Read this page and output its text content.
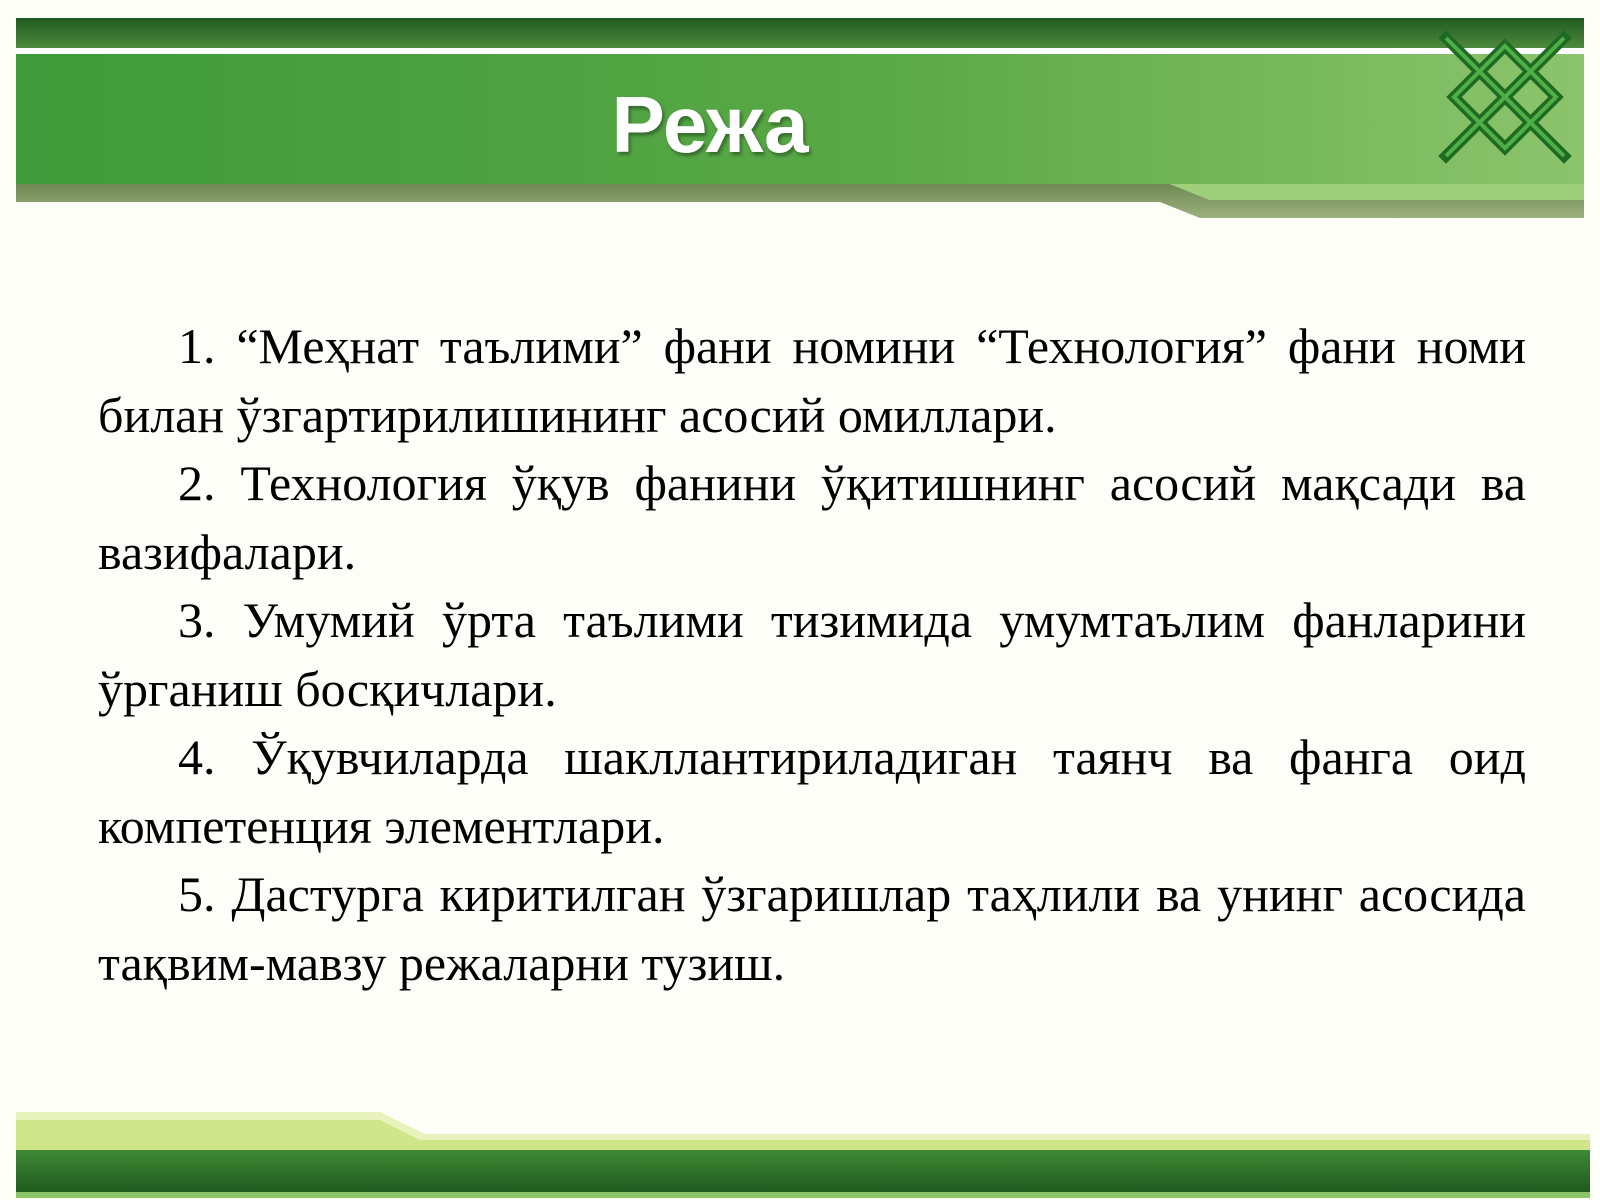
Режа

1. “Меҳнат таълими” фани номини “Технология” фани номи билан ўзгартирилишининг асосий омиллари.

2. Технология ўқув фанини ўқитишнинг асосий мақсади ва вазифалари.

3. Умумий ўрта таълими тизимида умумтаълим фанларини ўрганиш босқичлари.

4. Ўқувчиларда шакллантириладиган таянч ва фанга оид компетенция элементлари.

5. Дастурга киритилган ўзгаришлар таҳлили ва унинг асосида тақвим-мавзу режаларни тузиш.
